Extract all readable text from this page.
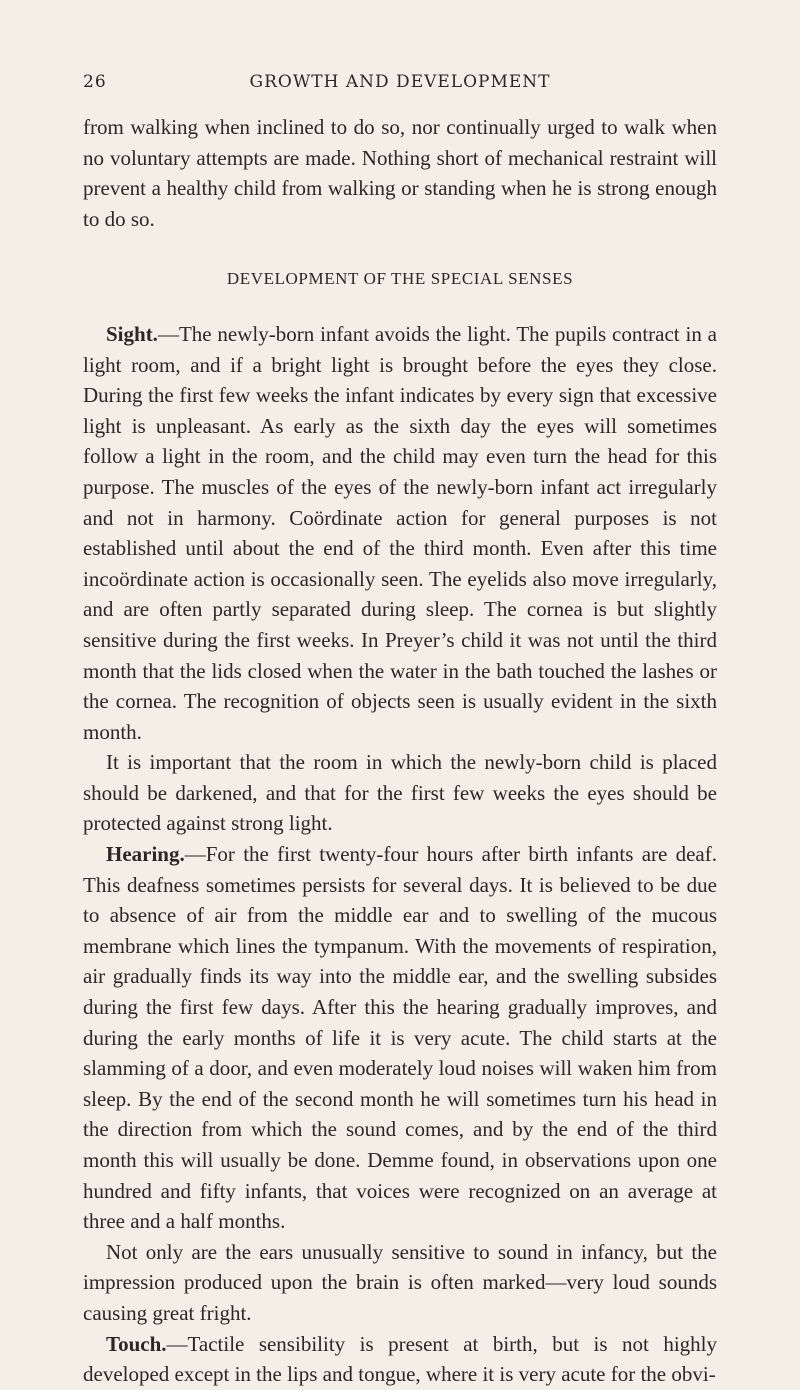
26	GROWTH AND DEVELOPMENT

from walking when inclined to do so, nor continually urged to walk when no voluntary attempts are made. Nothing short of mechanical restraint will prevent a healthy child from walking or standing when he is strong enough to do so.

DEVELOPMENT OF THE SPECIAL SENSES

Sight.—The newly-born infant avoids the light. The pupils contract in a light room, and if a bright light is brought before the eyes they close. During the first few weeks the infant indicates by every sign that excessive light is unpleasant. As early as the sixth day the eyes will sometimes follow a light in the room, and the child may even turn the head for this purpose. The muscles of the eyes of the newly-born infant act irregularly and not in harmony. Coördinate action for general purposes is not established until about the end of the third month. Even after this time incoördinate action is occasionally seen. The eyelids also move irregularly, and are often partly separated during sleep. The cornea is but slightly sensitive during the first weeks. In Preyer’s child it was not until the third month that the lids closed when the water in the bath touched the lashes or the cornea. The recognition of objects seen is usually evident in the sixth month.

It is important that the room in which the newly-born child is placed should be darkened, and that for the first few weeks the eyes should be protected against strong light.

Hearing.—For the first twenty-four hours after birth infants are deaf. This deafness sometimes persists for several days. It is believed to be due to absence of air from the middle ear and to swelling of the mucous membrane which lines the tympanum. With the movements of respiration, air gradually finds its way into the middle ear, and the swelling subsides during the first few days. After this the hearing gradually improves, and during the early months of life it is very acute. The child starts at the slamming of a door, and even moderately loud noises will waken him from sleep. By the end of the second month he will sometimes turn his head in the direction from which the sound comes, and by the end of the third month this will usually be done. Demme found, in observations upon one hundred and fifty infants, that voices were recognized on an average at three and a half months.

Not only are the ears unusually sensitive to sound in infancy, but the impression produced upon the brain is often marked—very loud sounds causing great fright.

Touch.—Tactile sensibility is present at birth, but is not highly developed except in the lips and tongue, where it is very acute for the obvi-
